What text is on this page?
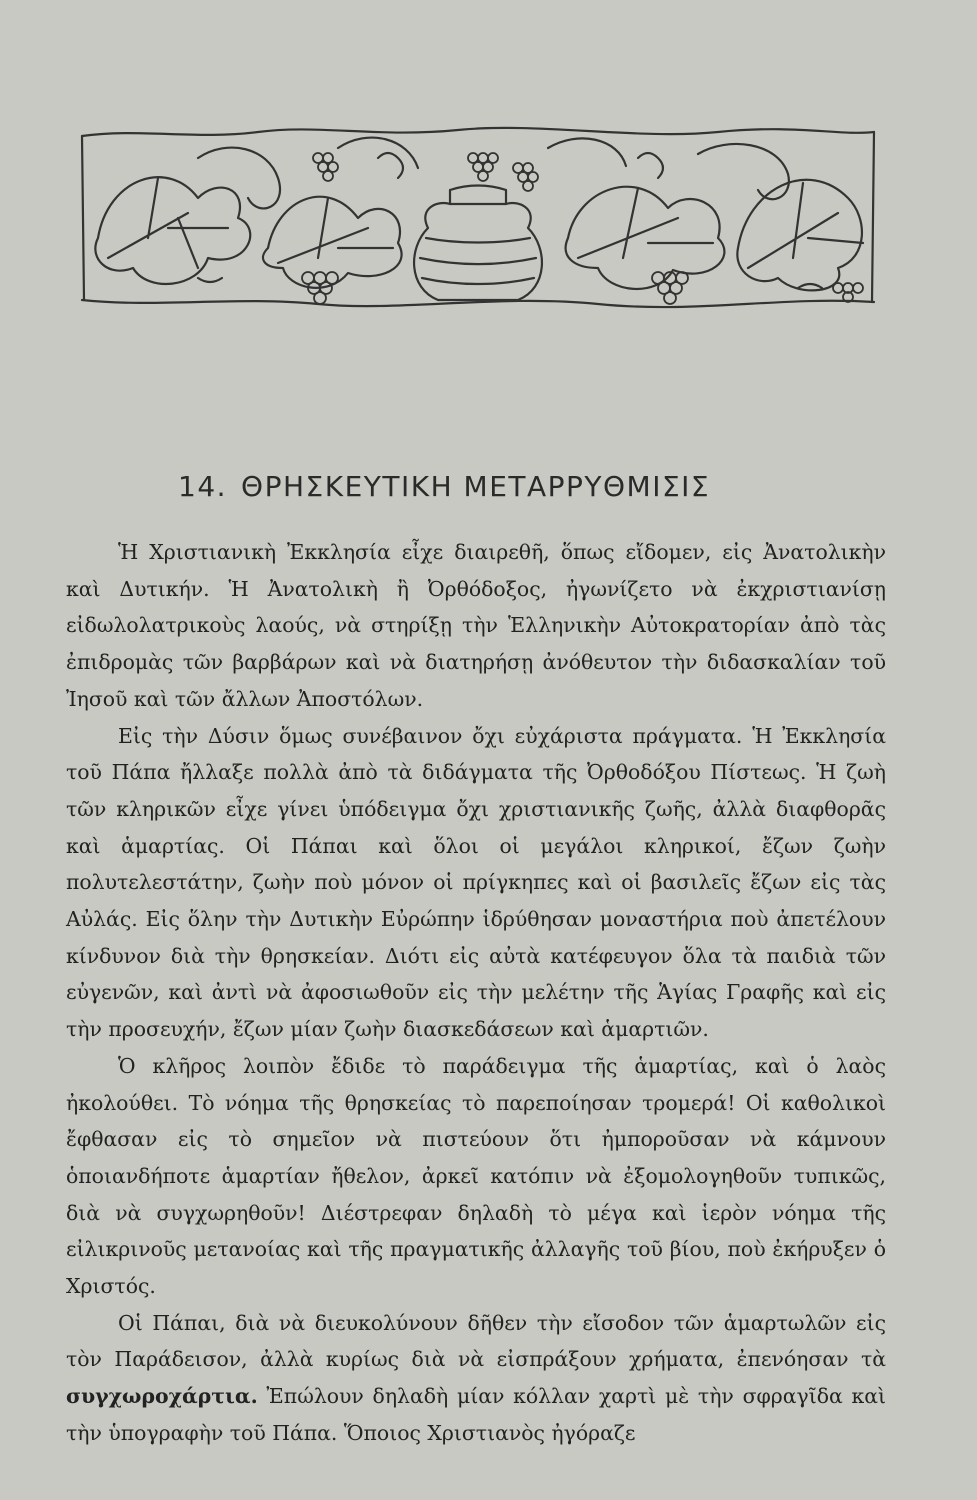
14. ΘΡΗΣΚΕΥΤΙΚΗ ΜΕΤΑΡΡΥΘΜΙΣΙΣ

Ἡ Χριστιανικὴ Ἐκκλησία εἶχε διαιρεθῆ, ὅπως εἴδομεν, εἰς Ἀνατολικὴν καὶ Δυτικήν. Ἡ Ἀνατολικὴ ἢ Ὀρθόδοξος, ἠγωνίζετο νὰ ἐκχριστιανίσῃ εἰδωλολατρικοὺς λαούς, νὰ στηρίξῃ τὴν Ἑλληνικὴν Αὐτοκρατορίαν ἀπὸ τὰς ἐπιδρομὰς τῶν βαρβάρων καὶ νὰ διατηρήσῃ ἀνόθευτον τὴν διδασκαλίαν τοῦ Ἰησοῦ καὶ τῶν ἄλλων Ἀποστόλων.

Εἰς τὴν Δύσιν ὅμως συνέβαινον ὄχι εὐχάριστα πράγματα. Ἡ Ἐκκλησία τοῦ Πάπα ἤλλαξε πολλὰ ἀπὸ τὰ διδάγματα τῆς Ὀρθοδόξου Πίστεως. Ἡ ζωὴ τῶν κληρικῶν εἶχε γίνει ὑπόδειγμα ὄχι χριστιανικῆς ζωῆς, ἀλλὰ διαφθορᾶς καὶ ἁμαρτίας. Οἱ Πάπαι καὶ ὅλοι οἱ μεγάλοι κληρικοί, ἔζων ζωὴν πολυτελεστάτην, ζωὴν ποὺ μόνον οἱ πρίγκηπες καὶ οἱ βασιλεῖς ἔζων εἰς τὰς Αὐλάς. Εἰς ὅλην τὴν Δυτικὴν Εὐρώπην ἱδρύθησαν μοναστήρια ποὺ ἀπετέλουν κίνδυνον διὰ τὴν θρησκείαν. Διότι εἰς αὐτὰ κατέφευγον ὅλα τὰ παιδιὰ τῶν εὐγενῶν, καὶ ἀντὶ νὰ ἀφοσιωθοῦν εἰς τὴν μελέτην τῆς Ἁγίας Γραφῆς καὶ εἰς τὴν προσευχήν, ἔζων μίαν ζωὴν διασκεδάσεων καὶ ἁμαρτιῶν.

Ὁ κλῆρος λοιπὸν ἔδιδε τὸ παράδειγμα τῆς ἁμαρτίας, καὶ ὁ λαὸς ἠκολούθει. Τὸ νόημα τῆς θρησκείας τὸ παρεποίησαν τρομερά! Οἱ καθολικοὶ ἔφθασαν εἰς τὸ σημεῖον νὰ πιστεύουν ὅτι ἠμποροῦσαν νὰ κάμνουν ὁποιανδήποτε ἁμαρτίαν ἤθελον, ἀρκεῖ κατόπιν νὰ ἐξομολογηθοῦν τυπικῶς, διὰ νὰ συγχωρηθοῦν! Διέστρεφαν δηλαδὴ τὸ μέγα καὶ ἱερὸν νόημα τῆς εἰλικρινοῦς μετανοίας καὶ τῆς πραγματικῆς ἀλλαγῆς τοῦ βίου, ποὺ ἐκήρυξεν ὁ Χριστός.

Οἱ Πάπαι, διὰ νὰ διευκολύνουν δῆθεν τὴν εἴσοδον τῶν ἁμαρτωλῶν εἰς τὸν Παράδεισον, ἀλλὰ κυρίως διὰ νὰ εἰσπράξουν χρήματα, ἐπενόησαν τὰ συγχωροχάρτια. Ἐπώλουν δηλαδὴ μίαν κόλλαν χαρτὶ μὲ τὴν σφραγῖδα καὶ τὴν ὑπογραφὴν τοῦ Πάπα. Ὅποιος Χριστιανὸς ἠγόραζε
